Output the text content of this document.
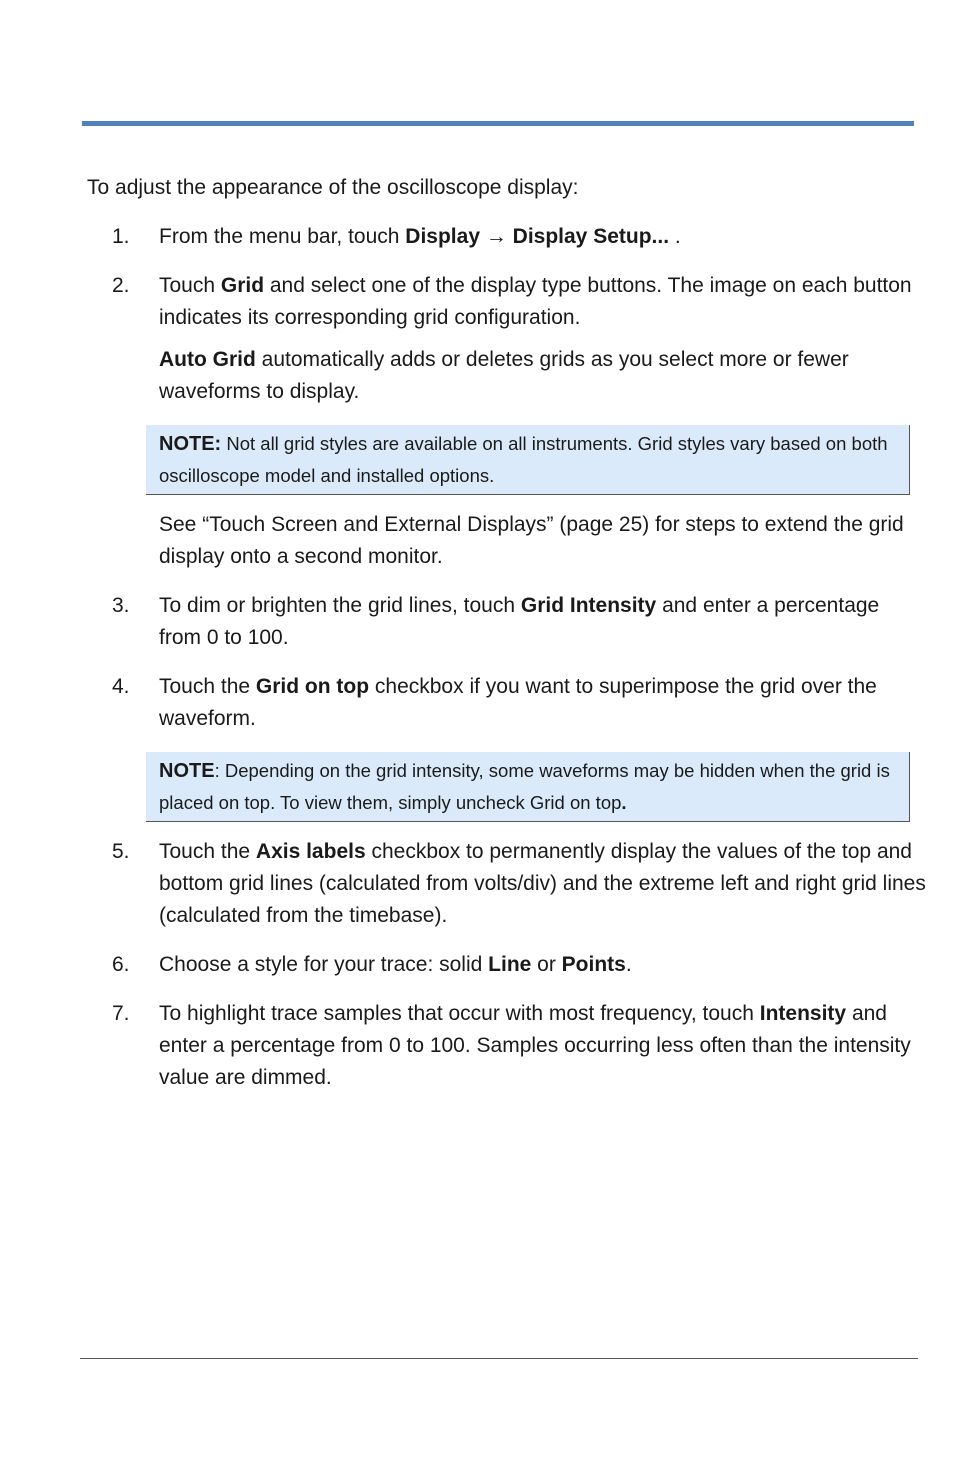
To adjust the appearance of the oscilloscope display:

1. From the menu bar, touch Display → Display Setup... .

2. Touch Grid and select one of the display type buttons. The image on each button indicates its corresponding grid configuration.

Auto Grid automatically adds or deletes grids as you select more or fewer waveforms to display.

NOTE: Not all grid styles are available on all instruments. Grid styles vary based on both oscilloscope model and installed options.

See “Touch Screen and External Displays” (page 25) for steps to extend the grid display onto a second monitor.

3. To dim or brighten the grid lines, touch Grid Intensity and enter a percentage from 0 to 100.

4. Touch the Grid on top checkbox if you want to superimpose the grid over the waveform.

NOTE: Depending on the grid intensity, some waveforms may be hidden when the grid is placed on top. To view them, simply uncheck Grid on top.
5. Touch the Axis labels checkbox to permanently display the values of the top and bottom grid lines (calculated from volts/div) and the extreme left and right grid lines (calculated from the timebase).

6. Choose a style for your trace: solid Line or Points.

7. To highlight trace samples that occur with most frequency, touch Intensity and enter a percentage from 0 to 100. Samples occurring less often than the intensity value are dimmed.
